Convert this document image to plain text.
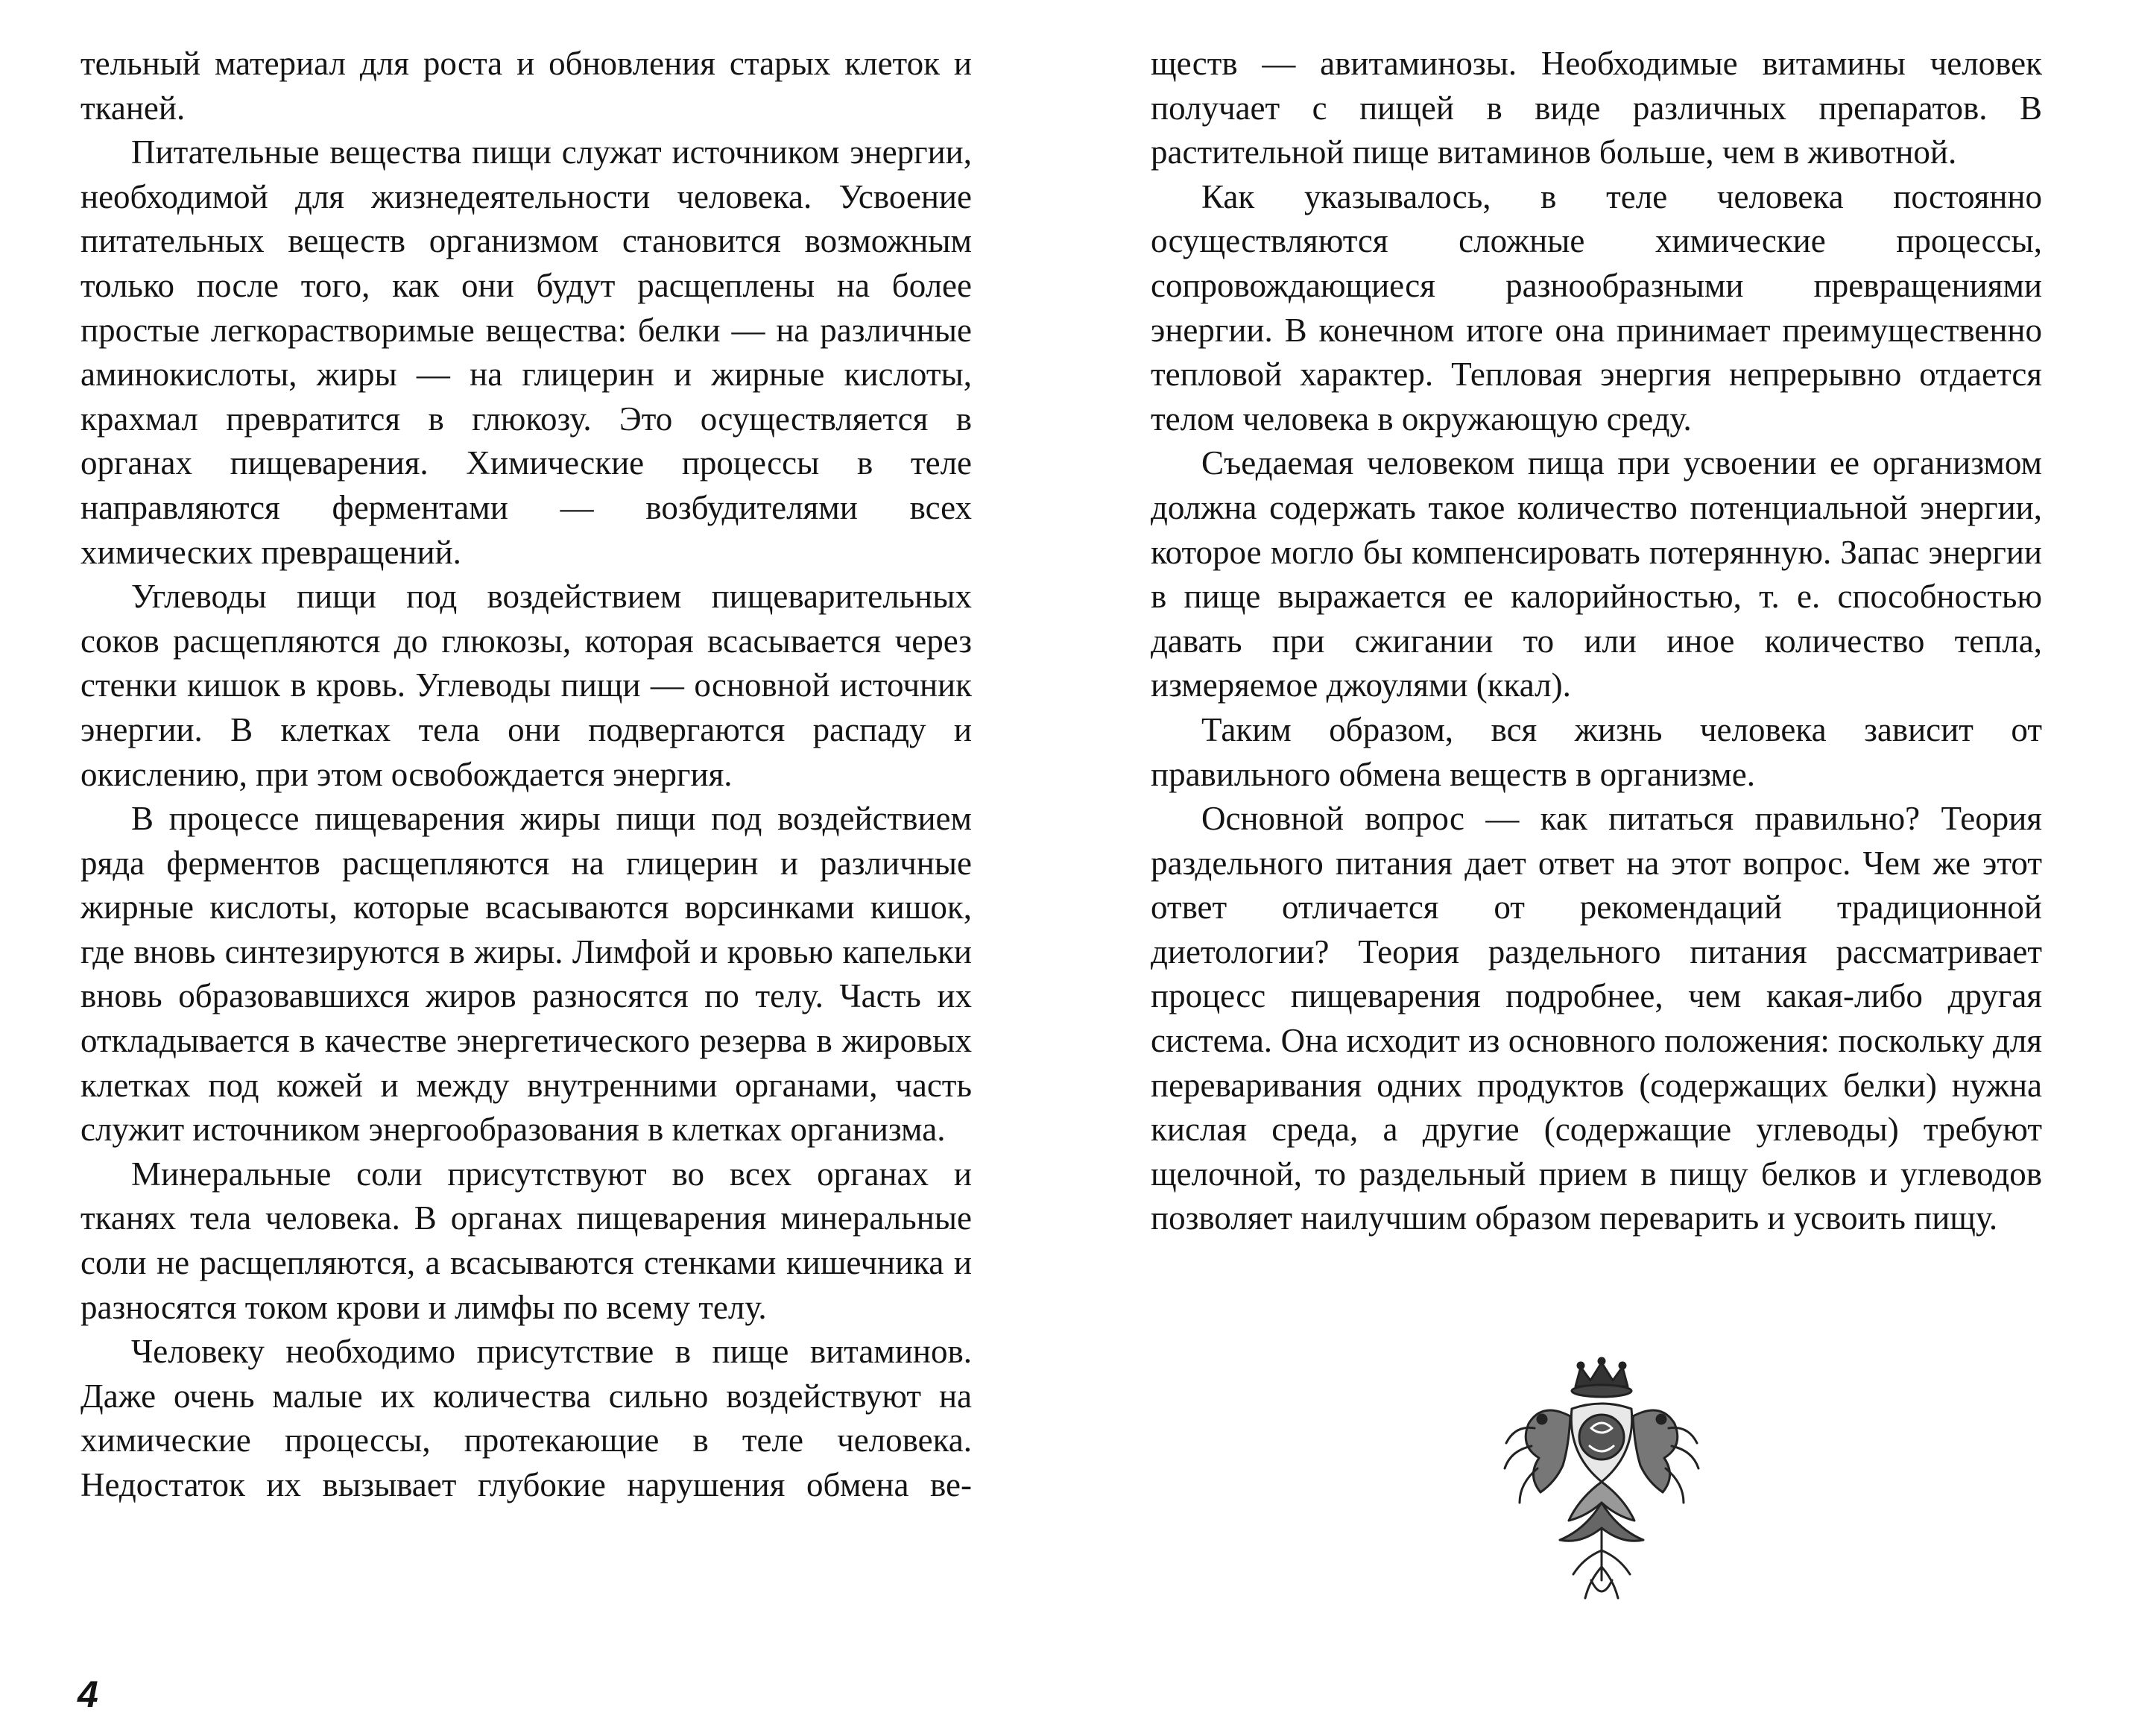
тельный материал для роста и обновления старых клеток и тканей.

Питательные вещества пищи служат источником энергии, необходимой для жизнедеятельности человека. Усвоение питательных веществ организмом становится возможным только после того, как они будут расщеплены на более простые легкорастворимые вещества: белки — на различные аминокислоты, жиры — на глицерин и жирные кислоты, крахмал превратится в глюкозу. Это осуществляется в органах пищеварения. Химические процессы в теле направляются ферментами — возбудителями всех химических превращений.

Углеводы пищи под воздействием пищеварительных соков расщепляются до глюкозы, которая всасывается через стенки кишок в кровь. Углеводы пищи — основной источник энергии. В клетках тела они подвергаются распаду и окислению, при этом освобождается энергия.

В процессе пищеварения жиры пищи под воздействием ряда ферментов расщепляются на глицерин и различные жирные кислоты, которые всасываются ворсинками кишок, где вновь синтезируются в жиры. Лимфой и кровью капельки вновь образовавшихся жиров разносятся по телу. Часть их откладывается в качестве энергетического резерва в жировых клетках под кожей и между внутренними органами, часть служит источником энергообразования в клетках организма.

Минеральные соли присутствуют во всех органах и тканях тела человека. В органах пищеварения минеральные соли не расщепляются, а всасываются стенками кишечника и разносятся током крови и лимфы по всему телу.

Человеку необходимо присутствие в пище витаминов. Даже очень малые их количества сильно воздействуют на химические процессы, протекающие в теле человека. Недостаток их вызывает глубокие нарушения обмена ве-

4

ществ — авитаминозы. Необходимые витамины человек получает с пищей в виде различных препаратов. В растительной пище витаминов больше, чем в животной.

Как указывалось, в теле человека постоянно осуществляются сложные химические процессы, сопровождающиеся разнообразными превращениями энергии. В конечном итоге она принимает преимущественно тепловой характер. Тепловая энергия непрерывно отдается телом человека в окружающую среду.

Съедаемая человеком пища при усвоении ее организмом должна содержать такое количество потенциальной энергии, которое могло бы компенсировать потерянную. Запас энергии в пище выражается ее калорийностью, т. е. способностью давать при сжигании то или иное количество тепла, измеряемое джоулями (ккал).

Таким образом, вся жизнь человека зависит от правильного обмена веществ в организме.

Основной вопрос — как питаться правильно? Теория раздельного питания дает ответ на этот вопрос. Чем же этот ответ отличается от рекомендаций традиционной диетологии? Теория раздельного питания рассматривает процесс пищеварения подробнее, чем какая-либо другая система. Она исходит из основного положения: поскольку для переваривания одних продуктов (содержащих белки) нужна кислая среда, а другие (содержащие углеводы) требуют щелочной, то раздельный прием в пищу белков и углеводов позволяет наилучшим образом переварить и усвоить пищу.
